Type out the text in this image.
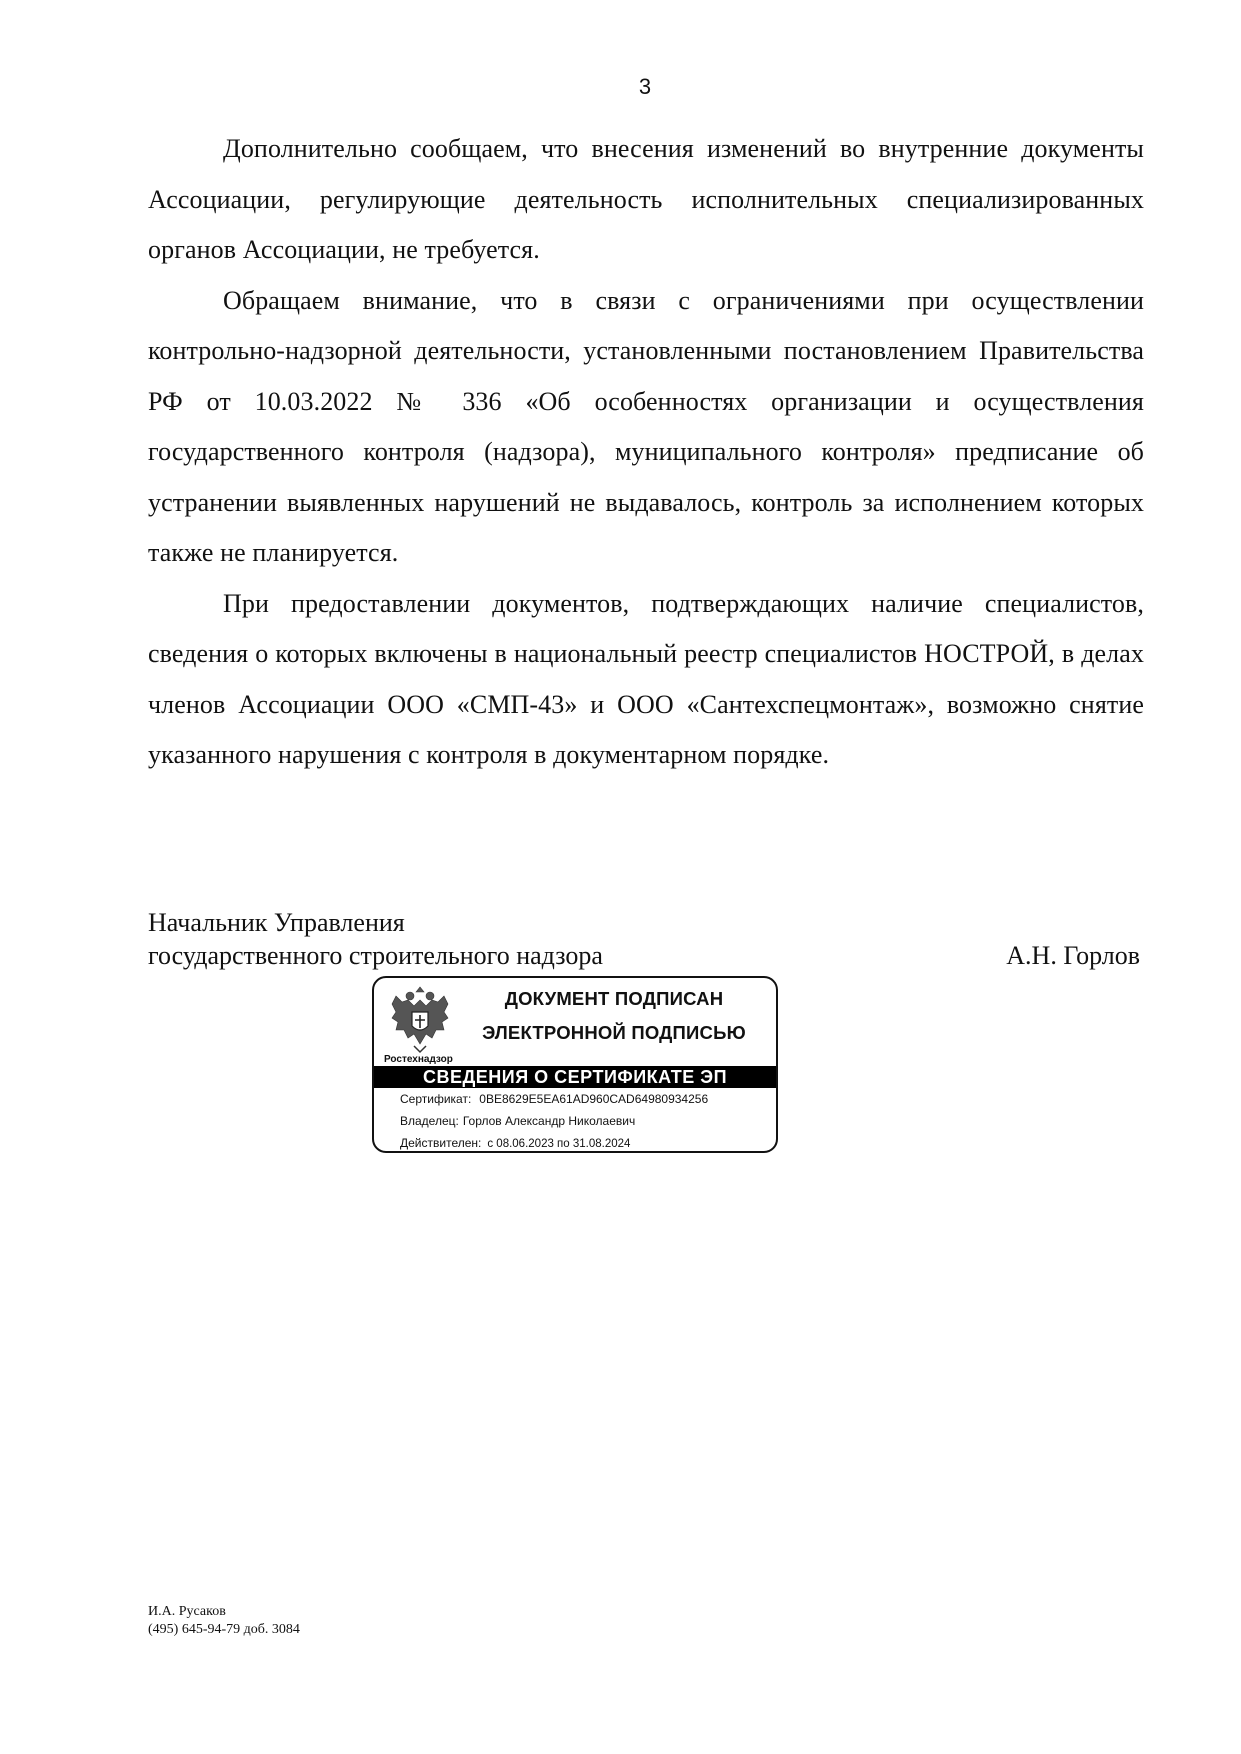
3

Дополнительно сообщаем, что внесения изменений во внутренние документы Ассоциации, регулирующие деятельность исполнительных специализированных органов Ассоциации, не требуется.

Обращаем внимание, что в связи с ограничениями при осуществлении контрольно-надзорной деятельности, установленными постановлением Правительства РФ от 10.03.2022 № 336 «Об особенностях организации и осуществления государственного контроля (надзора), муниципального контроля» предписание об устранении выявленных нарушений не выдавалось, контроль за исполнением которых также не планируется.

При предоставлении документов, подтверждающих наличие специалистов, сведения о которых включены в национальный реестр специалистов НОСТРОЙ, в делах членов Ассоциации ООО «СМП-43» и ООО «Сантехспецмонтаж», возможно снятие указанного нарушения с контроля в документарном порядке.

Начальник Управления
государственного строительного надзора	А.Н. Горлов
Ростехнадзор
ДОКУМЕНТ ПОДПИСАН
ЭЛЕКТРОННОЙ ПОДПИСЬЮ
СВЕДЕНИЯ О СЕРТИФИКАТЕ ЭП
Сертификат: 0BE8629E5EA61AD960CAD64980934256
Владелец: Горлов Александр Николаевич
Действителен: с 08.06.2023 по 31.08.2024
И.А. Русаков
(495) 645-94-79 доб. 3084
